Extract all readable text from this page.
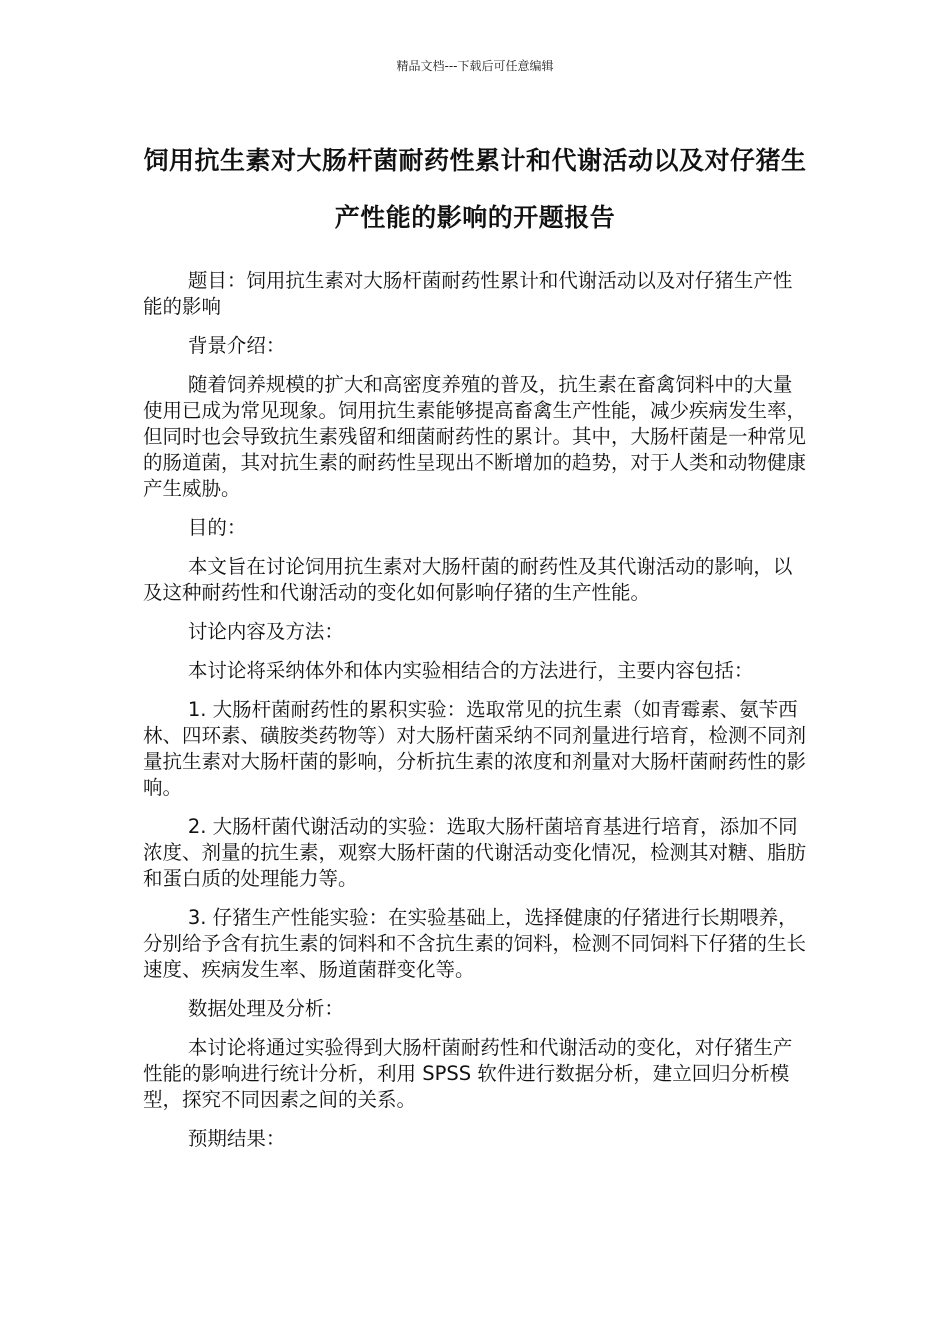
精品文档---下载后可任意编辑
饲用抗生素对大肠杆菌耐药性累计和代谢活动以及对仔猪生产性能的影响的开题报告

题目：饲用抗生素对大肠杆菌耐药性累计和代谢活动以及对仔猪生产性能的影响

背景介绍：

随着饲养规模的扩大和高密度养殖的普及，抗生素在畜禽饲料中的大量使用已成为常见现象。饲用抗生素能够提高畜禽生产性能，减少疾病发生率，但同时也会导致抗生素残留和细菌耐药性的累计。其中，大肠杆菌是一种常见的肠道菌，其对抗生素的耐药性呈现出不断增加的趋势，对于人类和动物健康产生威胁。

目的：

本文旨在讨论饲用抗生素对大肠杆菌的耐药性及其代谢活动的影响，以及这种耐药性和代谢活动的变化如何影响仔猪的生产性能。

讨论内容及方法：

本讨论将采纳体外和体内实验相结合的方法进行，主要内容包括：

1. 大肠杆菌耐药性的累积实验：选取常见的抗生素（如青霉素、氨苄西林、四环素、磺胺类药物等）对大肠杆菌采纳不同剂量进行培育，检测不同剂量抗生素对大肠杆菌的影响，分析抗生素的浓度和剂量对大肠杆菌耐药性的影响。

2. 大肠杆菌代谢活动的实验：选取大肠杆菌培育基进行培育，添加不同浓度、剂量的抗生素，观察大肠杆菌的代谢活动变化情况，检测其对糖、脂肪和蛋白质的处理能力等。

3. 仔猪生产性能实验：在实验基础上，选择健康的仔猪进行长期喂养，分别给予含有抗生素的饲料和不含抗生素的饲料，检测不同饲料下仔猪的生长速度、疾病发生率、肠道菌群变化等。

数据处理及分析：

本讨论将通过实验得到大肠杆菌耐药性和代谢活动的变化，对仔猪生产性能的影响进行统计分析，利用 SPSS 软件进行数据分析，建立回归分析模型，探究不同因素之间的关系。

预期结果：
